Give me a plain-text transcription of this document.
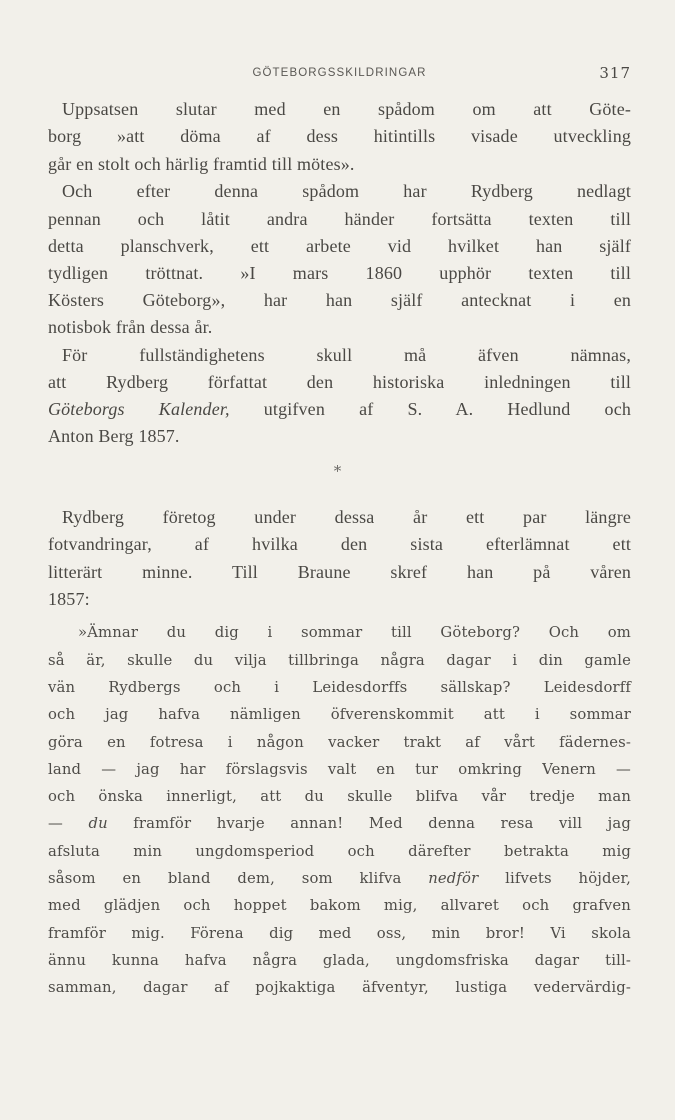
GÖTEBORGSSKILDRINGAR	317
Uppsatsen slutar med en spådom om att Göte-
borg »att döma af dess hitintills visade utveckling
går en stolt och härlig framtid till mötes».
Och efter denna spådom har Rydberg nedlagt
pennan och låtit andra händer fortsätta texten till
detta planschverk, ett arbete vid hvilket han själf
tydligen tröttnat. »I mars 1860 upphör texten till
Kösters Göteborg», har han själf antecknat i en
notisbok från dessa år.
För fullständighetens skull må äfven nämnas,
att Rydberg författat den historiska inledningen till
Göteborgs Kalender, utgifven af S. A. Hedlund och
Anton Berg 1857.
*
Rydberg företog under dessa år ett par längre
fotvandringar, af hvilka den sista efterlämnat ett
litterärt minne. Till Braune skref han på våren
1857:
»Ämnar du dig i sommar till Göteborg? Och om
så är, skulle du vilja tillbringa några dagar i din gamle
vän Rydbergs och i Leidesdorffs sällskap? Leidesdorff
och jag hafva nämligen öfverenskommit att i sommar
göra en fotresa i någon vacker trakt af vårt fädernes-
land — jag har förslagsvis valt en tur omkring Venern —
och önska innerligt, att du skulle blifva vår tredje man
— du framför hvarje annan! Med denna resa vill jag
afsluta min ungdomsperiod och därefter betrakta mig
såsom en bland dem, som klifva nedför lifvets höjder,
med glädjen och hoppet bakom mig, allvaret och grafven
framför mig. Förena dig med oss, min bror! Vi skola
ännu kunna hafva några glada, ungdomsfriska dagar till-
samman, dagar af pojkaktiga äfventyr, lustiga vedervärdig-
